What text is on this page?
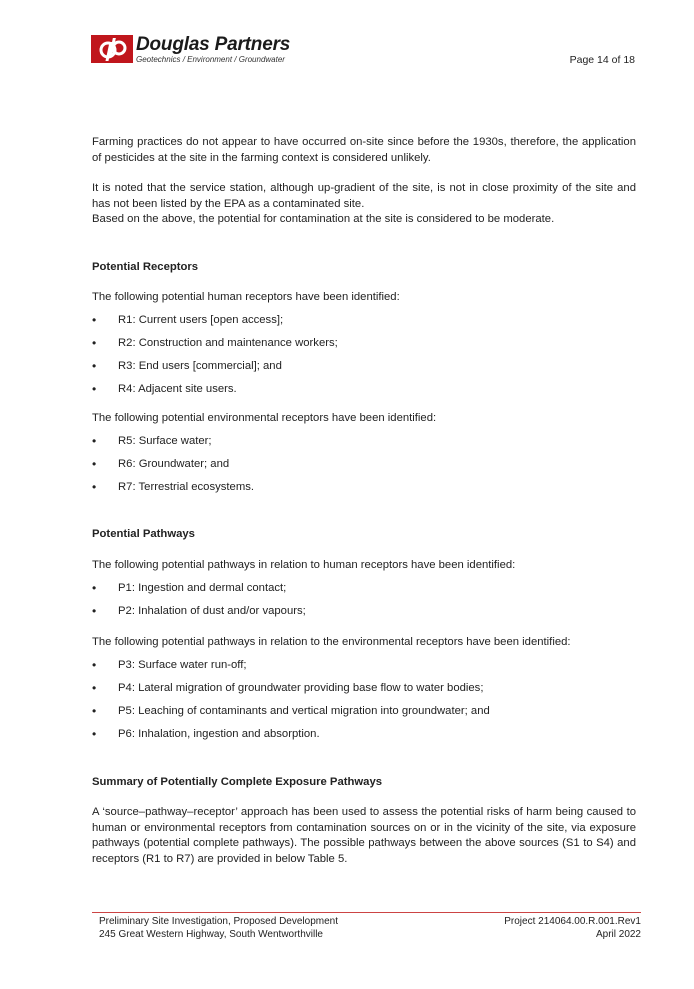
Douglas Partners
Geotechnics / Environment / Groundwater	Page 14 of 18

Farming practices do not appear to have occurred on-site since before the 1930s, therefore, the application of pesticides at the site in the farming context is considered unlikely.

It is noted that the service station, although up-gradient of the site, is not in close proximity of the site and has not been listed by the EPA as a contaminated site.

Based on the above, the potential for contamination at the site is considered to be moderate.

Potential Receptors

The following potential human receptors have been identified:

• R1: Current users [open access];
• R2: Construction and maintenance workers;
• R3: End users [commercial]; and
• R4: Adjacent site users.

The following potential environmental receptors have been identified:

• R5: Surface water;
• R6: Groundwater; and
• R7: Terrestrial ecosystems.

Potential Pathways

The following potential pathways in relation to human receptors have been identified:

• P1: Ingestion and dermal contact;
• P2: Inhalation of dust and/or vapours;

The following potential pathways in relation to the environmental receptors have been identified:

• P3: Surface water run-off;
• P4: Lateral migration of groundwater providing base flow to water bodies;
• P5: Leaching of contaminants and vertical migration into groundwater; and
• P6: Inhalation, ingestion and absorption.

Summary of Potentially Complete Exposure Pathways

A ‘source–pathway–receptor’ approach has been used to assess the potential risks of harm being caused to human or environmental receptors from contamination sources on or in the vicinity of the site, via exposure pathways (potential complete pathways). The possible pathways between the above sources (S1 to S4) and receptors (R1 to R7) are provided in below Table 5.

Preliminary Site Investigation, Proposed Development
245 Great Western Highway, South Wentworthville
Project 214064.00.R.001.Rev1
April 2022
